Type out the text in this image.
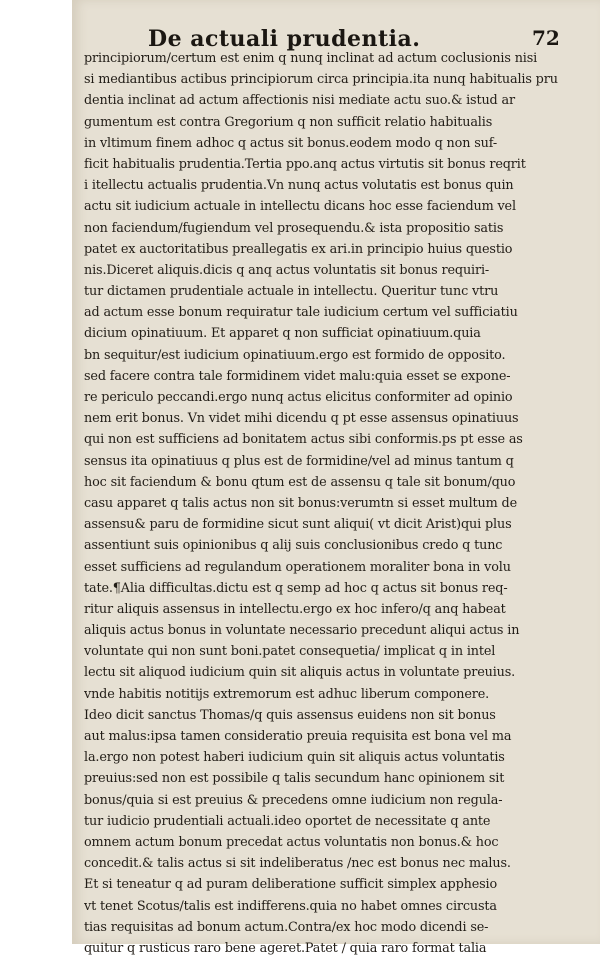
De actuali prudentia.	72
principiorum/certum est enim q nunq inclinat ad actum coclusionis nisi
si mediantibus actibus principiorum circa principia.ita nunq habitualis pru
dentia inclinat ad actum affectionis nisi mediate actu suo.& istud ar
gumentum est contra Gregorium q non sufficit relatio habitualis
in vltimum finem adhoc q actus sit bonus.eodem modo q non suf-
ficit habitualis prudentia.Tertia ppo.anq actus virtutis sit bonus reqrit
i itellectu actualis prudentia.Vn nunq actus volutatis est bonus quin
actu sit iudicium actuale in intellectu dicans hoc esse faciendum vel
non faciendum/fugiendum vel prosequendu.& ista propositio satis
patet ex auctoritatibus preallegatis ex ari.in principio huius questio
nis.Diceret aliquis.dicis q anq actus voluntatis sit bonus requiri-
tur dictamen prudentiale actuale in intellectu. Queritur tunc vtru
ad actum esse bonum requiratur tale iudicium certum vel sufficiatiu
dicium opinatiuum. Et apparet q non sufficiat opinatiuum.quia
bn sequitur/est iudicium opinatiuum.ergo est formido de opposito.
sed facere contra tale formidinem videt malu:quia esset se expone-
re periculo peccandi.ergo nunq actus elicitus conformiter ad opinio
nem erit bonus. Vn videt mihi dicendu q pt esse assensus opinatiuus
qui non est sufficiens ad bonitatem actus sibi conformis.ps pt esse as
sensus ita opinatiuus q plus est de formidine/vel ad minus tantum q
hoc sit faciendum & bonu qtum est de assensu q tale sit bonum/quo
casu apparet q talis actus non sit bonus:verumtn si esset multum de
assensu& paru de formidine sicut sunt aliqui( vt dicit Arist)qui plus
assentiunt suis opinionibus q alij suis conclusionibus credo q tunc
esset sufficiens ad regulandum operationem moraliter bona in volu
tate.¶Alia difficultas.dictu est q semp ad hoc q actus sit bonus req-
ritur aliquis assensus in intellectu.ergo ex hoc infero/q anq habeat
aliquis actus bonus in voluntate necessario precedunt aliqui actus in
voluntate qui non sunt boni.patet consequetia/ implicat q in intel
lectu sit aliquod iudicium quin sit aliquis actus in voluntate preuius.
vnde habitis notitijs extremorum est adhuc liberum componere.
Ideo dicit sanctus Thomas/q quis assensus euidens non sit bonus
aut malus:ipsa tamen consideratio preuia requisita est bona vel ma
la.ergo non potest haberi iudicium quin sit aliquis actus voluntatis
preuius:sed non est possibile q talis secundum hanc opinionem sit
bonus/quia si est preuius & precedens omne iudicium non regula-
tur iudicio prudentiali actuali.ideo oportet de necessitate q ante
omnem actum bonum precedat actus voluntatis non bonus.& hoc
concedit.& talis actus si sit indeliberatus /nec est bonus nec malus.
Et si teneatur q ad puram deliberatione sufficit simplex apphesio
vt tenet Scotus/talis est indifferens.quia no habet omnes circusta
tias requisitas ad bonum actum.Contra/ex hoc modo dicendi se-
quitur q rusticus raro bene ageret.Patet / quia raro format talia
